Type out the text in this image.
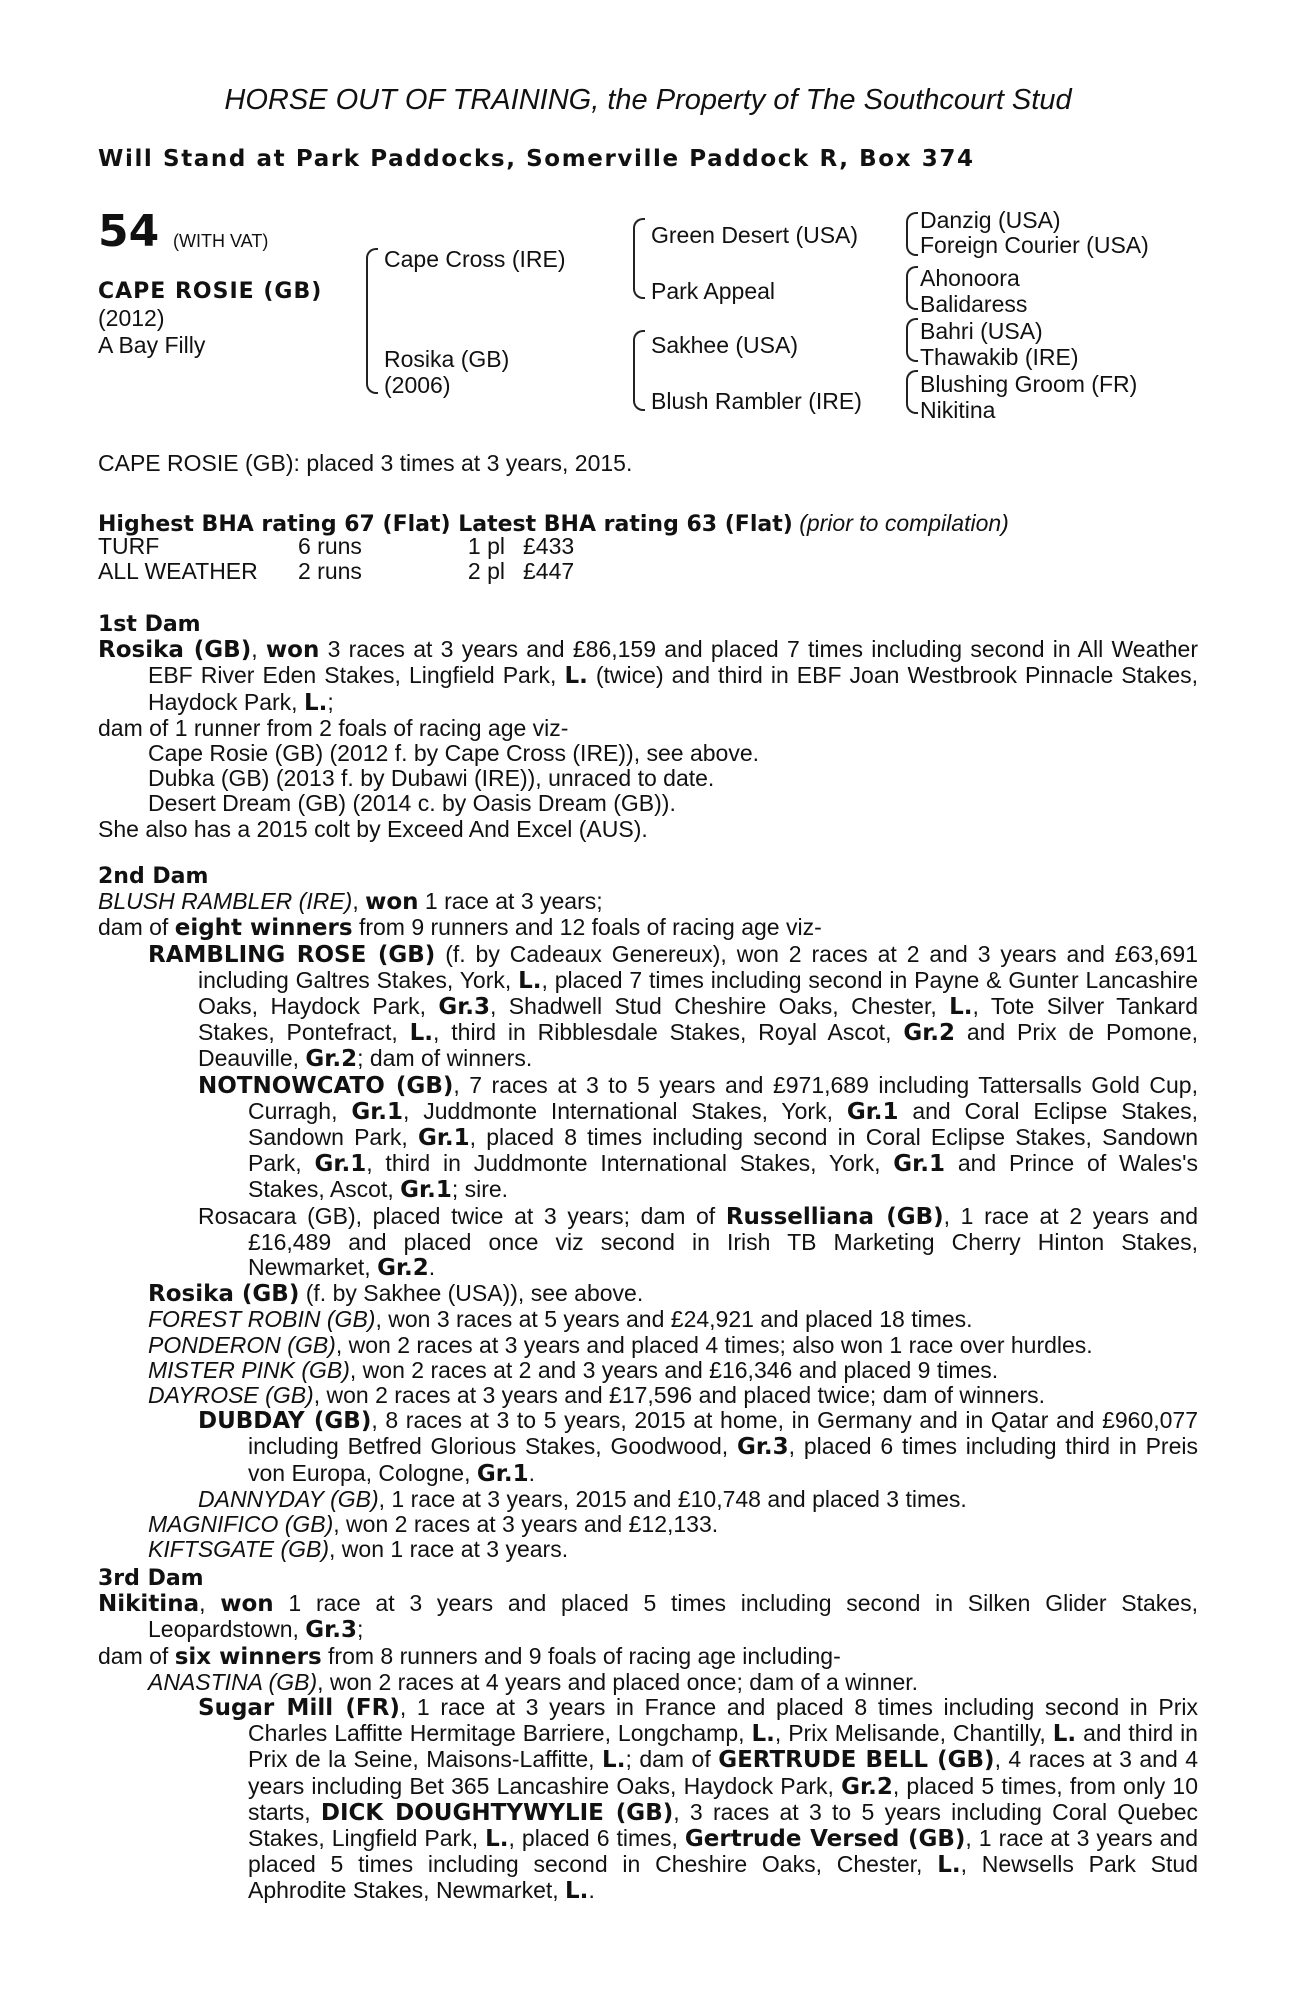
HORSE OUT OF TRAINING, the Property of The Southcourt Stud
Will Stand at Park Paddocks, Somerville Paddock R, Box 374
54 (WITH VAT)
CAPE ROSIE (GB)
(2012)
A Bay Filly
Cape Cross (IRE)
Rosika (GB)
(2006)
Green Desert (USA)
Park Appeal
Sakhee (USA)
Blush Rambler (IRE)
Danzig (USA)
Foreign Courier (USA)
Ahonoora
Balidaress
Bahri (USA)
Thawakib (IRE)
Blushing Groom (FR)
Nikitina
CAPE ROSIE (GB): placed 3 times at 3 years, 2015.
Highest BHA rating 67 (Flat) Latest BHA rating 63 (Flat) (prior to compilation)
TURF	6 runs	1 pl	£433
ALL WEATHER	2 runs	2 pl	£447

1st Dam

Rosika (GB), won 3 races at 3 years and £86,159 and placed 7 times including second in All Weather EBF River Eden Stakes, Lingfield Park, L. (twice) and third in EBF Joan Westbrook Pinnacle Stakes, Haydock Park, L.;

dam of 1 runner from 2 foals of racing age viz-

Cape Rosie (GB) (2012 f. by Cape Cross (IRE)), see above.

Dubka (GB) (2013 f. by Dubawi (IRE)), unraced to date.

Desert Dream (GB) (2014 c. by Oasis Dream (GB)).

She also has a 2015 colt by Exceed And Excel (AUS).

2nd Dam

BLUSH RAMBLER (IRE), won 1 race at 3 years;

dam of eight winners from 9 runners and 12 foals of racing age viz-

RAMBLING ROSE (GB) (f. by Cadeaux Genereux), won 2 races at 2 and 3 years and £63,691 including Galtres Stakes, York, L., placed 7 times including second in Payne & Gunter Lancashire Oaks, Haydock Park, Gr.3, Shadwell Stud Cheshire Oaks, Chester, L., Tote Silver Tankard Stakes, Pontefract, L., third in Ribblesdale Stakes, Royal Ascot, Gr.2 and Prix de Pomone, Deauville, Gr.2; dam of winners.

NOTNOWCATO (GB), 7 races at 3 to 5 years and £971,689 including Tattersalls Gold Cup, Curragh, Gr.1, Juddmonte International Stakes, York, Gr.1 and Coral Eclipse Stakes, Sandown Park, Gr.1, placed 8 times including second in Coral Eclipse Stakes, Sandown Park, Gr.1, third in Juddmonte International Stakes, York, Gr.1 and Prince of Wales's Stakes, Ascot, Gr.1; sire.

Rosacara (GB), placed twice at 3 years; dam of Russelliana (GB), 1 race at 2 years and £16,489 and placed once viz second in Irish TB Marketing Cherry Hinton Stakes, Newmarket, Gr.2.

Rosika (GB) (f. by Sakhee (USA)), see above.

FOREST ROBIN (GB), won 3 races at 5 years and £24,921 and placed 18 times.

PONDERON (GB), won 2 races at 3 years and placed 4 times; also won 1 race over hurdles.

MISTER PINK (GB), won 2 races at 2 and 3 years and £16,346 and placed 9 times.

DAYROSE (GB), won 2 races at 3 years and £17,596 and placed twice; dam of winners.

DUBDAY (GB), 8 races at 3 to 5 years, 2015 at home, in Germany and in Qatar and £960,077 including Betfred Glorious Stakes, Goodwood, Gr.3, placed 6 times including third in Preis von Europa, Cologne, Gr.1.

DANNYDAY (GB), 1 race at 3 years, 2015 and £10,748 and placed 3 times.

MAGNIFICO (GB), won 2 races at 3 years and £12,133.

KIFTSGATE (GB), won 1 race at 3 years.

3rd Dam

Nikitina, won 1 race at 3 years and placed 5 times including second in Silken Glider Stakes, Leopardstown, Gr.3;

dam of six winners from 8 runners and 9 foals of racing age including-

ANASTINA (GB), won 2 races at 4 years and placed once; dam of a winner.

Sugar Mill (FR), 1 race at 3 years in France and placed 8 times including second in Prix Charles Laffitte Hermitage Barriere, Longchamp, L., Prix Melisande, Chantilly, L. and third in Prix de la Seine, Maisons-Laffitte, L.; dam of GERTRUDE BELL (GB), 4 races at 3 and 4 years including Bet 365 Lancashire Oaks, Haydock Park, Gr.2, placed 5 times, from only 10 starts, DICK DOUGHTYWYLIE (GB), 3 races at 3 to 5 years including Coral Quebec Stakes, Lingfield Park, L., placed 6 times, Gertrude Versed (GB), 1 race at 3 years and placed 5 times including second in Cheshire Oaks, Chester, L., Newsells Park Stud Aphrodite Stakes, Newmarket, L..
